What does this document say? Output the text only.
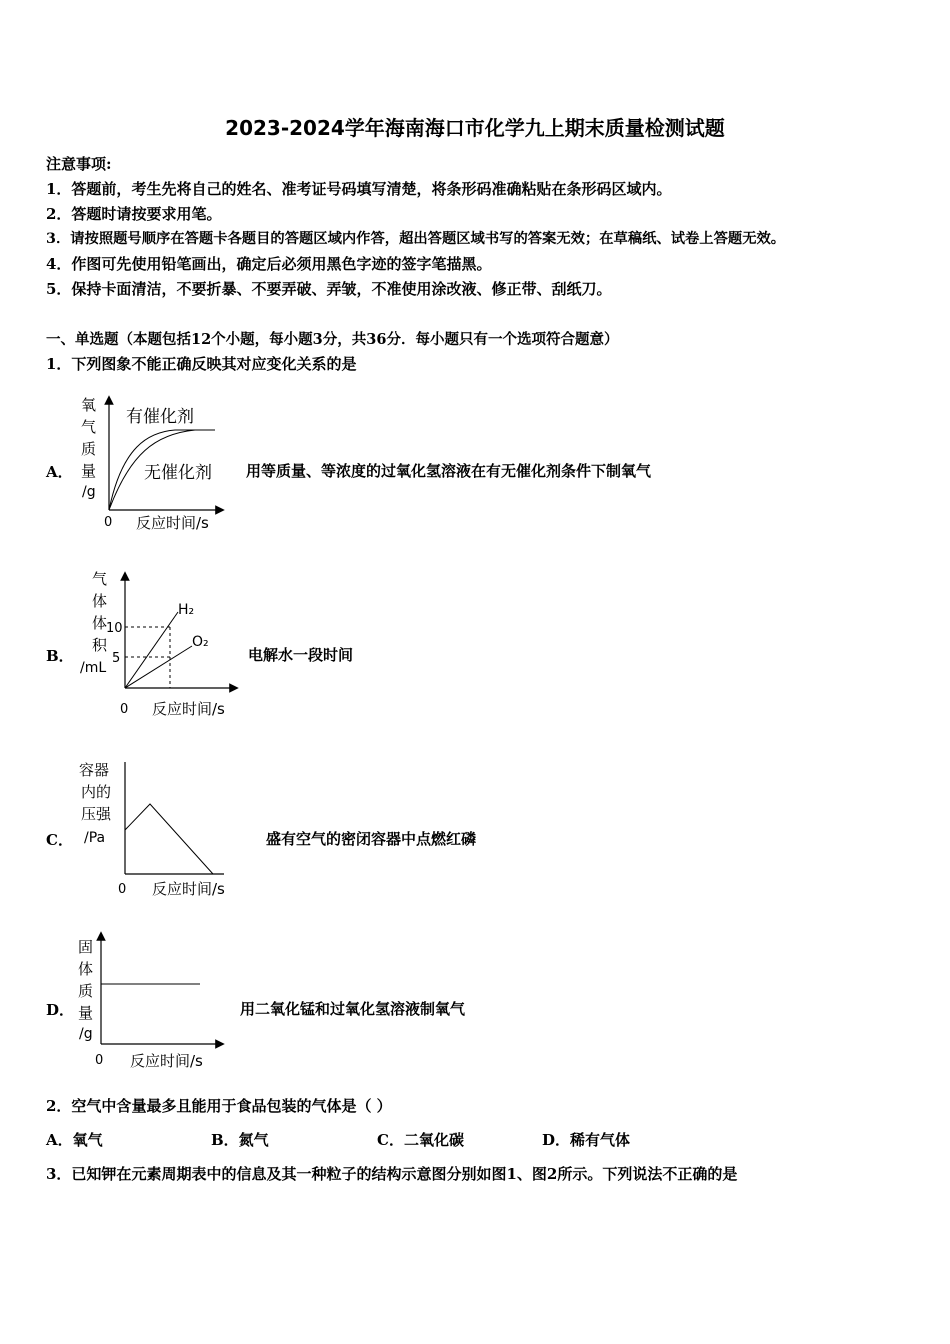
2023-2024学年海南海口市化学九上期末质量检测试题
注意事项:
1．答题前，考生先将自己的姓名、准考证号码填写清楚，将条形码准确粘贴在条形码区域内。
2．答题时请按要求用笔。
3．请按照题号顺序在答题卡各题目的答题区域内作答，超出答题区域书写的答案无效；在草稿纸、试卷上答题无效。
4．作图可先使用铅笔画出，确定后必须用黑色字迹的签字笔描黑。
5．保持卡面清洁，不要折暴、不要弄破、弄皱，不准使用涂改液、修正带、刮纸刀。
一、单选题（本题包括12个小题，每小题3分，共36分．每小题只有一个选项符合题意）
1．下列图象不能正确反映其对应变化关系的是
A．
氧
气
质
量
/g
0 反应时间/s
有催化剂
无催化剂 用等质量、等浓度的过氧化氢溶液在有无催化剂条件下制氧气
B．
气
体
体
积
/mL
10
5
0 反应时间/s
H₂
O₂
电解水一段时间
C．
容器
内的
压强
/Pa
0 反应时间/s
盛有空气的密闭容器中点燃红磷
D．
固
体
质
量
/g
0 反应时间/s
用二氧化锰和过氧化氢溶液制氧气
2．空气中含量最多且能用于食品包装的气体是（ ）
A．氧气	B．氮气	C．二氧化碳	D．稀有气体
3．已知钾在元素周期表中的信息及其一种粒子的结构示意图分别如图1、图2所示。下列说法不正确的是
